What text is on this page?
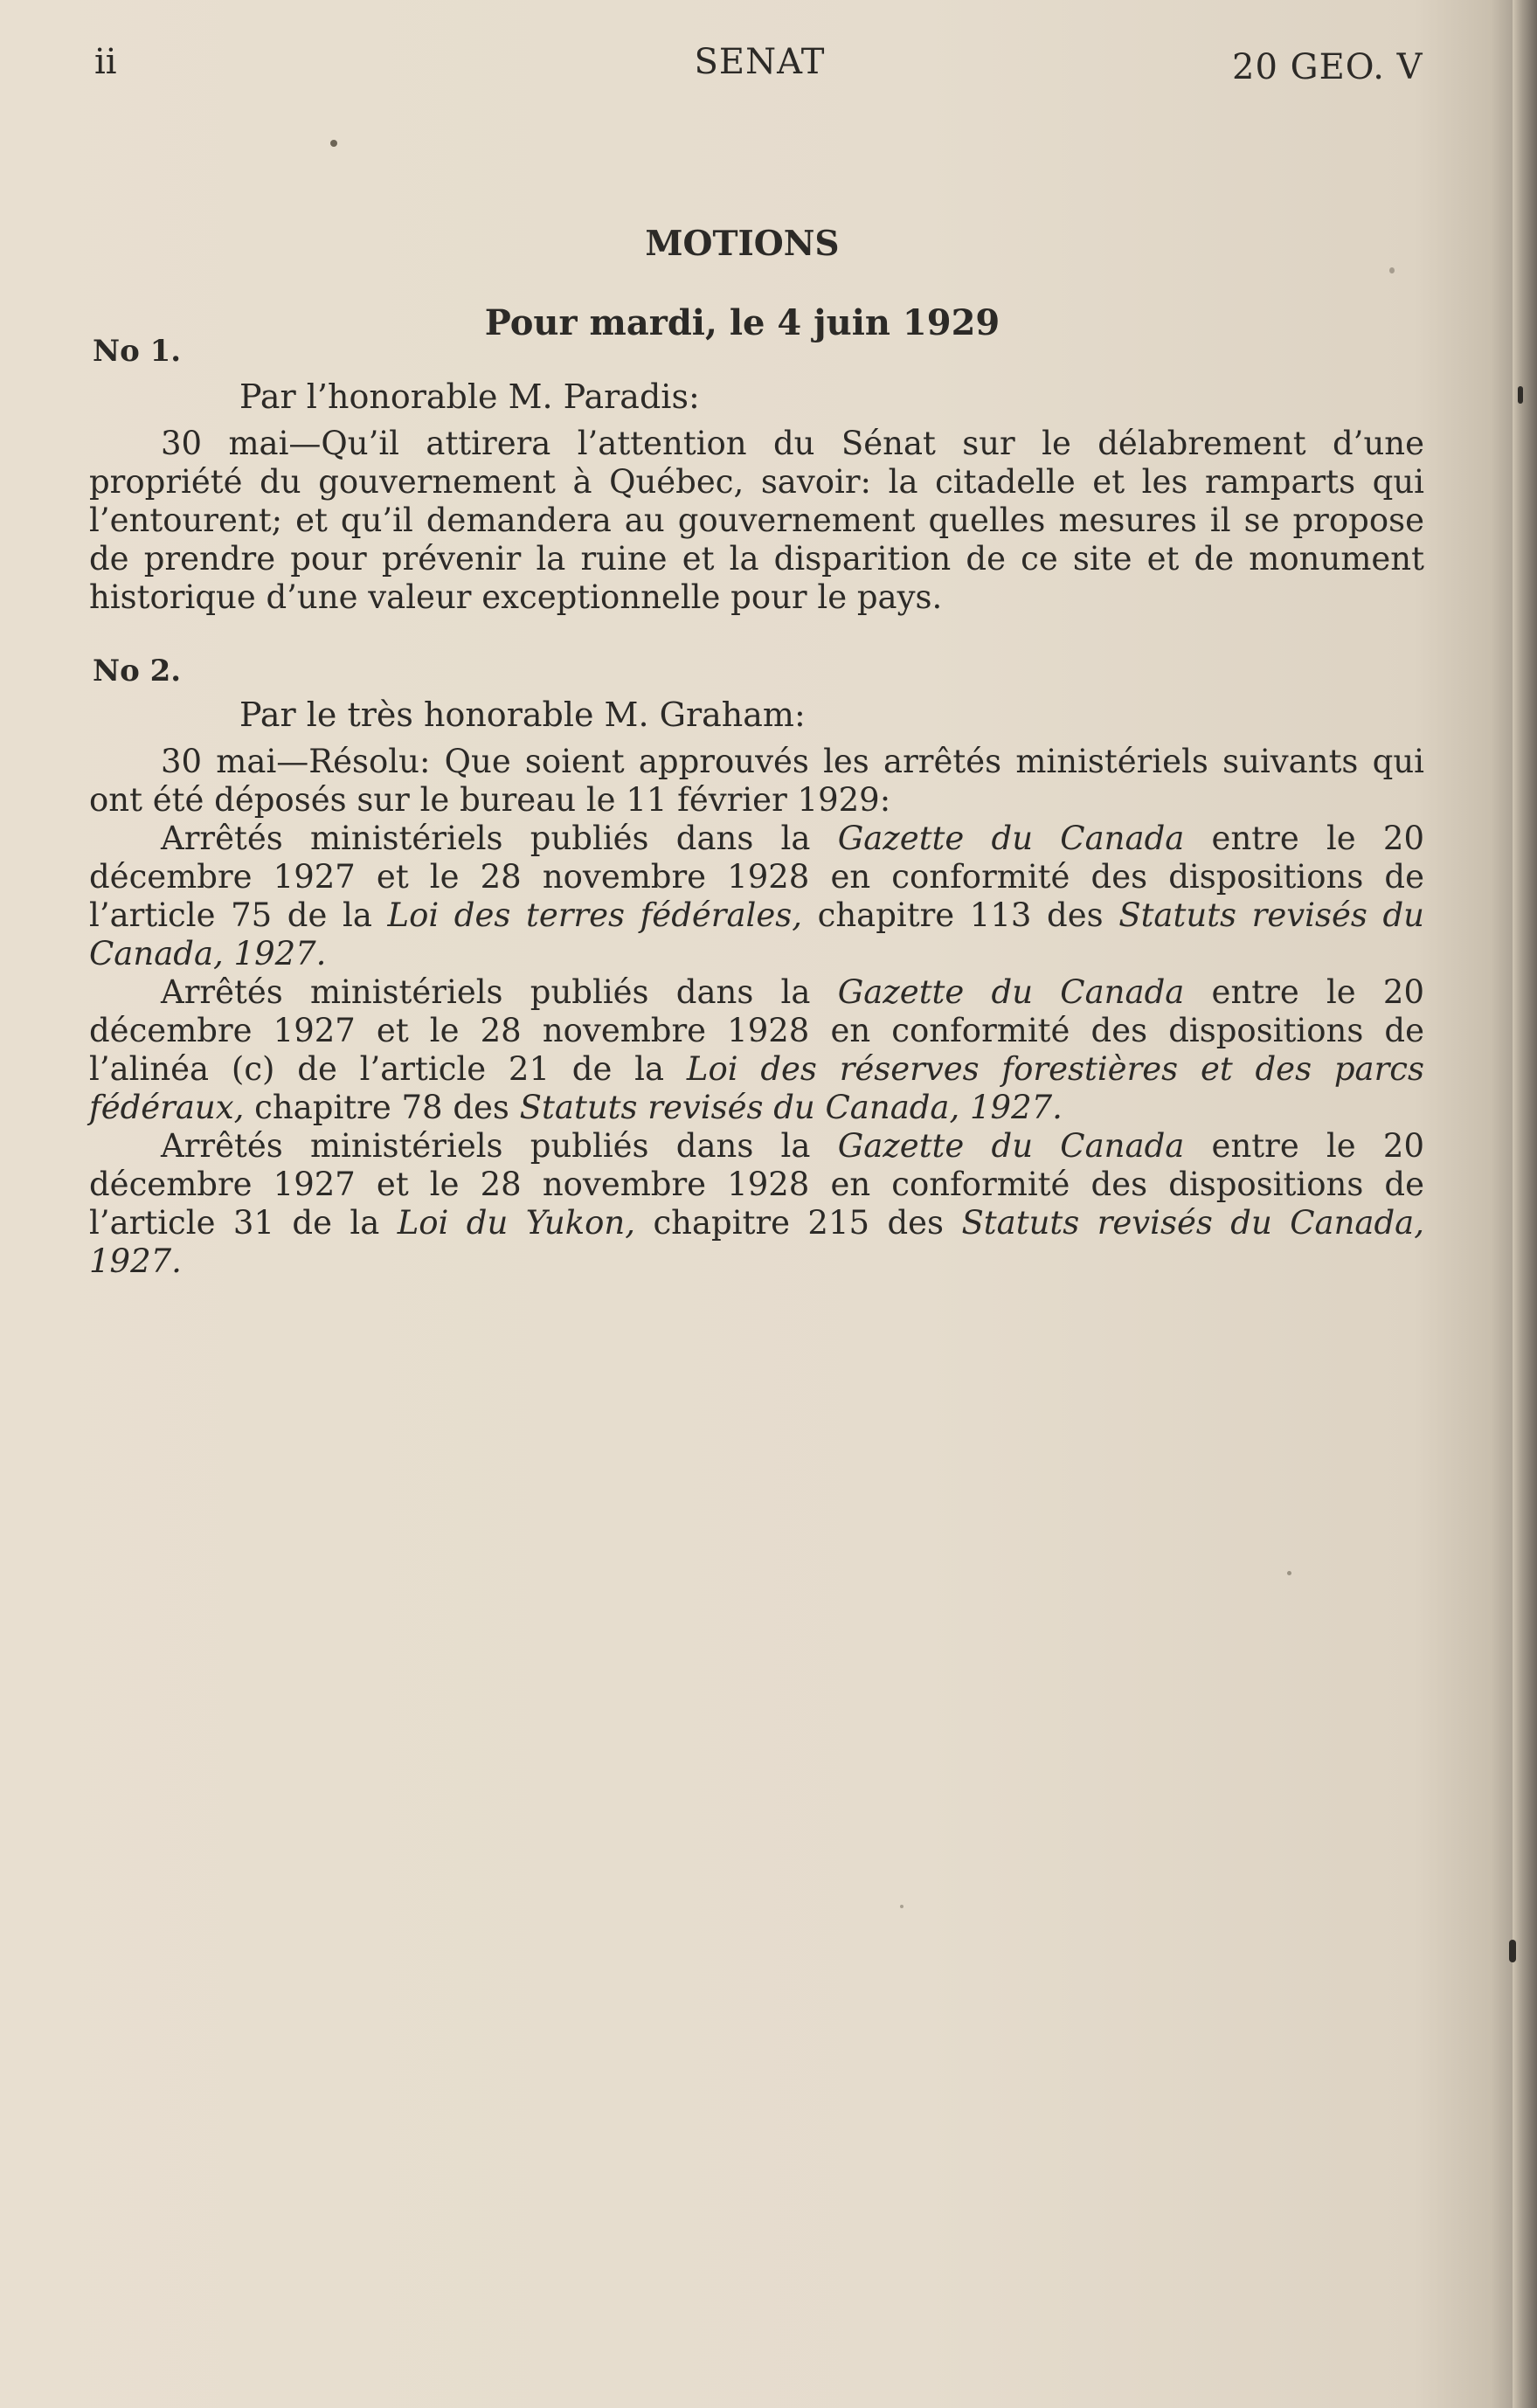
ii	SENAT	20 GEO. V
MOTIONS
Pour mardi, le 4 juin 1929
No 1.
Par l’honorable M. Paradis:

30 mai—Qu’il attirera l’attention du Sénat sur le délabrement d’une propriété du gouvernement à Québec, savoir: la citadelle et les ramparts qui l’entourent; et qu’il demandera au gouvernement quelles mesures il se propose de prendre pour prévenir la ruine et la disparition de ce site et de monument historique d’une valeur exceptionnelle pour le pays.

No 2.
Par le très honorable M. Graham:

30 mai—Résolu: Que soient approuvés les arrêtés ministériels suivants qui ont été déposés sur le bureau le 11 février 1929:

Arrêtés ministériels publiés dans la Gazette du Canada entre le 20 décembre 1927 et le 28 novembre 1928 en conformité des dispositions de l’article 75 de la Loi des terres fédérales, chapitre 113 des Statuts revisés du Canada, 1927.

Arrêtés ministériels publiés dans la Gazette du Canada entre le 20 décembre 1927 et le 28 novembre 1928 en conformité des dispositions de l’alinéa (c) de l’article 21 de la Loi des réserves forestières et des parcs fédéraux, chapitre 78 des Statuts revisés du Canada, 1927.

Arrêtés ministériels publiés dans la Gazette du Canada entre le 20 décembre 1927 et le 28 novembre 1928 en conformité des dispositions de l’article 31 de la Loi du Yukon, chapitre 215 des Statuts revisés du Canada, 1927.
